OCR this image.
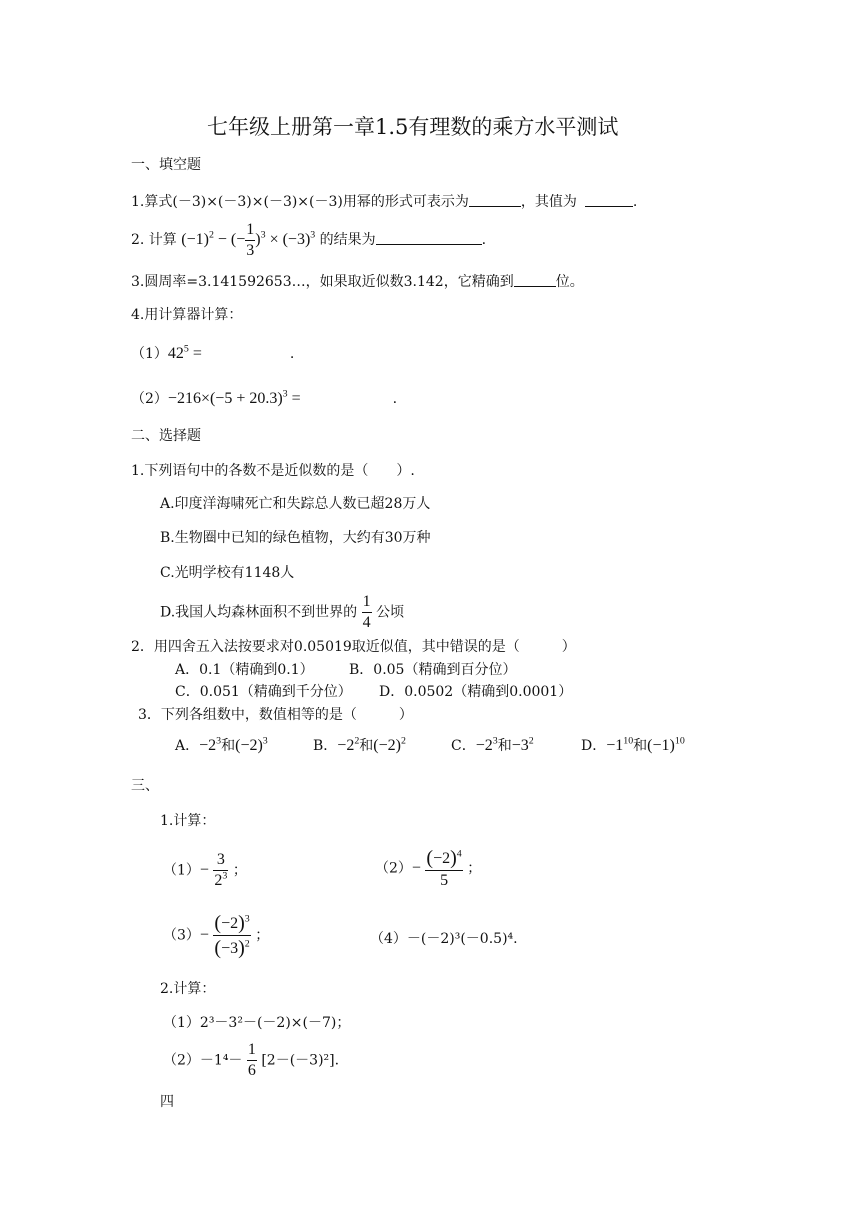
七年级上册第一章1.5有理数的乘方水平测试
一、填空题
1.算式(－3)×(－3)×(－3)×(－3)用幂的形式可表示为	，其值为	.
2. 计算 $(-1)^2$ − (− $\frac{1}{3} )^3 \times (-3)^3$ 的结果为	.
3.圆周率=3.141592653…，如果取近似数3.142，它精确到	位。
4.用计算器计算：
$(1)42^5$ =	.
$(2)-216\times(-5 + 20.3)^3$ =	.
二、选择题
1.下列语句中的各数不是近似数的是（　　）.
A.印度洋海啸死亡和失踪总人数已超28万人
B.生物圈中已知的绿色植物，大约有30万种
C.光明学校有1148人
D.我国人均森林面积不到世界的 $\frac{1}{4}$ 公顷
2．用四舍五入法按要求对0.05019取近似值，其中错误的是（　　　）
A．0.1（精确到0.1）	B．0.05（精确到百分位）
C．0.051（精确到千分位） D．0.0502（精确到0.0001）
3．下列各组数中，数值相等的是（　　　）
A．$-2^3$和$(-2)^3$	B．$-2^2$和$(-2)^2$	C．$-2^3$和$-3^2$	D．$-1^{10}$和$(-1)^{10}$
三、
1.计算：
$(1)- \frac{3}{2^3}$ ；	$(2)- \frac{(-2)^4}{5}$ ；
$(3)- \frac{(-2)^3}{(-3)^2}$ ；	（4）－(－2)³(－0.5)⁴.
2.计算：
（1）2³－3²－(－2)×(－7)；
$(2)-1^4- \frac{1}{6} [2-(-3)^2]$.
四
